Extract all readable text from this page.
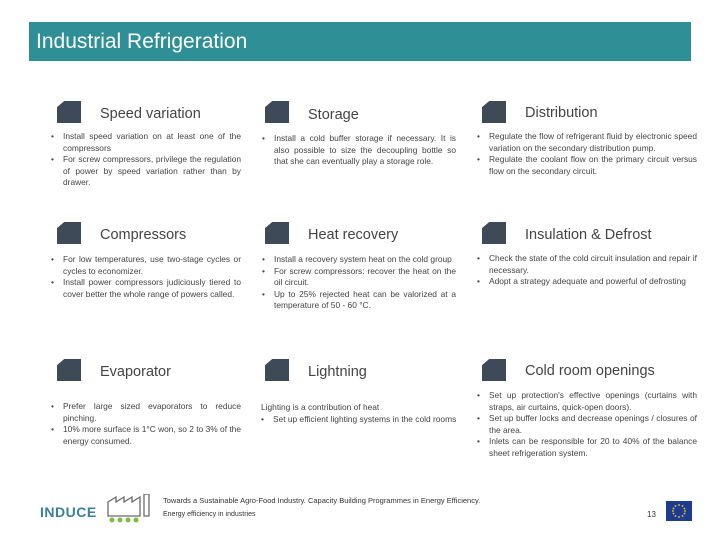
Industrial Refrigeration
Speed variation
• Install speed variation on at least one of the compressors
• For screw compressors, privilege the regulation of power by speed variation rather than by drawer.
Storage
• Install a cold buffer storage if necessary. It is also possible to size the decoupling bottle so that she can eventually play a storage role.
Distribution
• Regulate the flow of refrigerant fluid by electronic speed variation on the secondary distribution pump.
• Regulate the coolant flow on the primary circuit versus flow on the secondary circuit.
Compressors
• For low temperatures, use two-stage cycles or cycles to economizer.
• Install power compressors judiciously tiered to cover better the whole range of powers called.
Heat recovery
• Install a recovery system heat on the cold group
• For screw compressors: recover the heat on the oil circuit.
• Up to 25% rejected heat can be valorized at a temperature of 50 - 60 °C.
Insulation & Defrost
• Check the state of the cold circuit insulation and repair if necessary.
• Adopt a strategy adequate and powerful of defrosting
Evaporator
• Prefer large sized evaporators to reduce pinching.
• 10% more surface is 1°C won, so 2 to 3% of the energy consumed.
Lightning
Lighting is a contribution of heat
• Set up efficient lighting systems in the cold rooms
Cold room openings
• Set up protection's effective openings (curtains with straps, air curtains, quick-open doors).
• Set up buffer locks and decrease openings / closures of the area.
• Inlets can be responsible for 20 to 40% of the balance sheet refrigeration system.
INDUCE
Towards a Sustainable Agro-Food Industry. Capacity Building Programmes in Energy Efficiency.
Energy efficiency in industries	13
